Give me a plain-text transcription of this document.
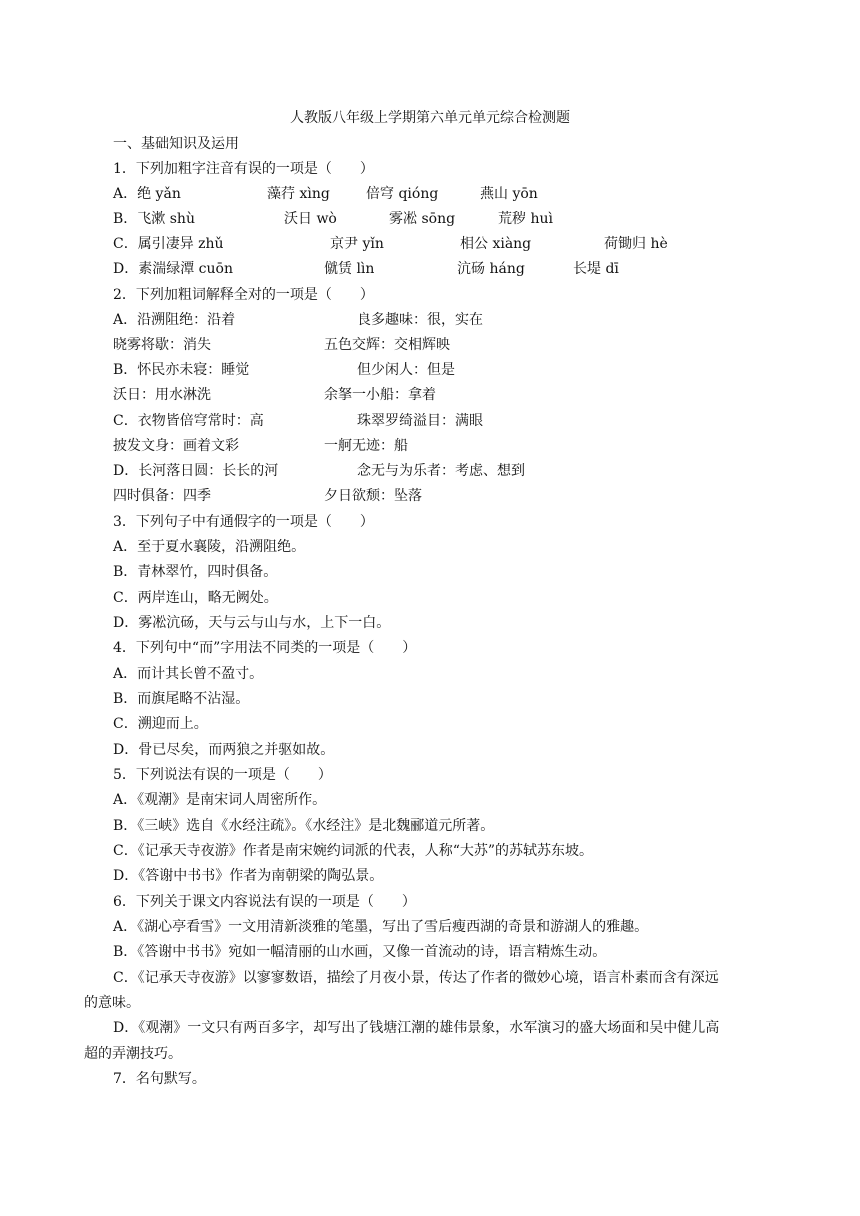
人教版八年级上学期第六单元单元综合检测题
一、基础知识及运用
1．下列加粗字注音有误的一项是（　　）
A．绝 yǎn	藻荇 xìng	倍穹 qióng	燕山 yōn
B．飞漱 shù	沃日 wò	雾凇 sōng	荒秽 huì
C．属引凄异 zhǔ	京尹 yǐn	相公 xiàng	荷锄归 hè
D．素湍绿潭 cuōn	僦赁 lìn	沆砀 háng	长堤 dī
2．下列加粗词解释全对的一项是（　　）
A．沿溯阻绝：沿着	良多趣味：很，实在
晓雾将歇：消失	五色交辉：交相辉映
B．怀民亦未寝：睡觉	但少闲人：但是
沃日：用水淋洗	余拏一小船：拿着
C．衣物皆倍穹常时：高	珠翠罗绮溢目：满眼
披发文身：画着文彩	一舸无迹：船
D．长河落日圆：长长的河	念无与为乐者：考虑、想到
四时俱备：四季	夕日欲颓：坠落
3．下列句子中有通假字的一项是（　　）
A．至于夏水襄陵，沿溯阻绝。
B．青林翠竹，四时俱备。
C．两岸连山，略无阙处。
D．雾凇沆砀，天与云与山与水，上下一白。
4．下列句中“而”字用法不同类的一项是（　　）
A．而计其长曾不盈寸。
B．而旗尾略不沾湿。
C．溯迎而上。
D．骨已尽矣，而两狼之并驱如故。
5．下列说法有误的一项是（　　）
A．《观潮》是南宋词人周密所作。
B．《三峡》选自《水经注疏》。《水经注》是北魏郦道元所著。
C．《记承天寺夜游》作者是南宋婉约词派的代表，人称“大苏”的苏轼苏东坡。
D．《答谢中书书》作者为南朝梁的陶弘景。
6．下列关于课文内容说法有误的一项是（　　）
A．《湖心亭看雪》一文用清新淡雅的笔墨，写出了雪后瘦西湖的奇景和游湖人的雅趣。
B．《答谢中书书》宛如一幅清丽的山水画，又像一首流动的诗，语言精炼生动。
C．《记承天寺夜游》以寥寥数语，描绘了月夜小景，传达了作者的微妙心境，语言朴素而含有深远
的意味。
D．《观潮》一文只有两百多字，却写出了钱塘江潮的雄伟景象，水军演习的盛大场面和吴中健儿高
超的弄潮技巧。
7．名句默写。
